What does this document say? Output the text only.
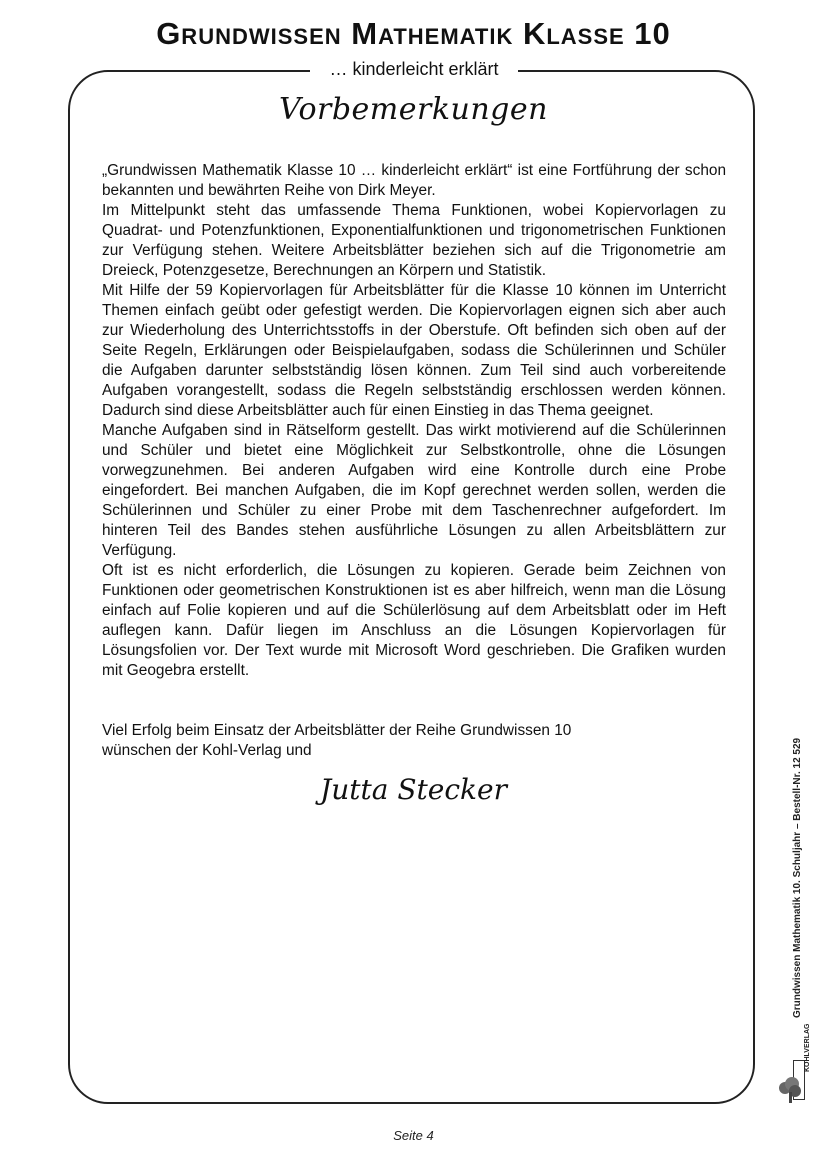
Grundwissen Mathematik Klasse 10
… kinderleicht erklärt
Vorbemerkungen

„Grundwissen Mathematik Klasse 10 … kinderleicht erklärt“ ist eine Fortführung der schon bekannten und bewährten Reihe von Dirk Meyer.

Im Mittelpunkt steht das umfassende Thema Funktionen, wobei Kopiervorlagen zu Quadrat- und Potenzfunktionen, Exponentialfunktionen und trigonometrischen Funktionen zur Verfügung stehen. Weitere Arbeitsblätter beziehen sich auf die Trigonometrie am Dreieck, Potenzgesetze, Berechnungen an Körpern und Statistik.

Mit Hilfe der 59 Kopiervorlagen für Arbeitsblätter für die Klasse 10 können im Unterricht Themen einfach geübt oder gefestigt werden. Die Kopiervorlagen eignen sich aber auch zur Wiederholung des Unterrichtsstoffs in der Oberstufe. Oft befinden sich oben auf der Seite Regeln, Erklärungen oder Beispielaufgaben, sodass die Schülerinnen und Schüler die Aufgaben darunter selbstständig lösen können. Zum Teil sind auch vorbereitende Aufgaben vorangestellt, sodass die Regeln selbstständig erschlossen werden können. Dadurch sind diese Arbeitsblätter auch für einen Einstieg in das Thema geeignet.

Manche Aufgaben sind in Rätselform gestellt. Das wirkt motivierend auf die Schülerinnen und Schüler und bietet eine Möglichkeit zur Selbstkontrolle, ohne die Lösungen vorwegzunehmen. Bei anderen Aufgaben wird eine Kontrolle durch eine Probe eingefordert. Bei manchen Aufgaben, die im Kopf gerechnet werden sollen, werden die Schülerinnen und Schüler zu einer Probe mit dem Taschenrechner aufgefordert. Im hinteren Teil des Bandes stehen ausführliche Lösungen zu allen Arbeitsblättern zur Verfügung.

Oft ist es nicht erforderlich, die Lösungen zu kopieren. Gerade beim Zeichnen von Funktionen oder geometrischen Konstruktionen ist es aber hilfreich, wenn man die Lösung einfach auf Folie kopieren und auf die Schülerlösung auf dem Arbeitsblatt oder im Heft auflegen kann. Dafür liegen im Anschluss an die Lösungen Kopiervorlagen für Lösungsfolien vor. Der Text wurde mit Microsoft Word geschrieben. Die Grafiken wurden mit Geogebra erstellt.

Viel Erfolg beim Einsatz der Arbeitsblätter der Reihe Grundwissen 10

wünschen der Kohl-Verlag und

Jutta Stecker	Grundwissen Mathematik 10. Schuljahr – Bestell-Nr. 12 529
KOHLVERLAG
Seite 4
